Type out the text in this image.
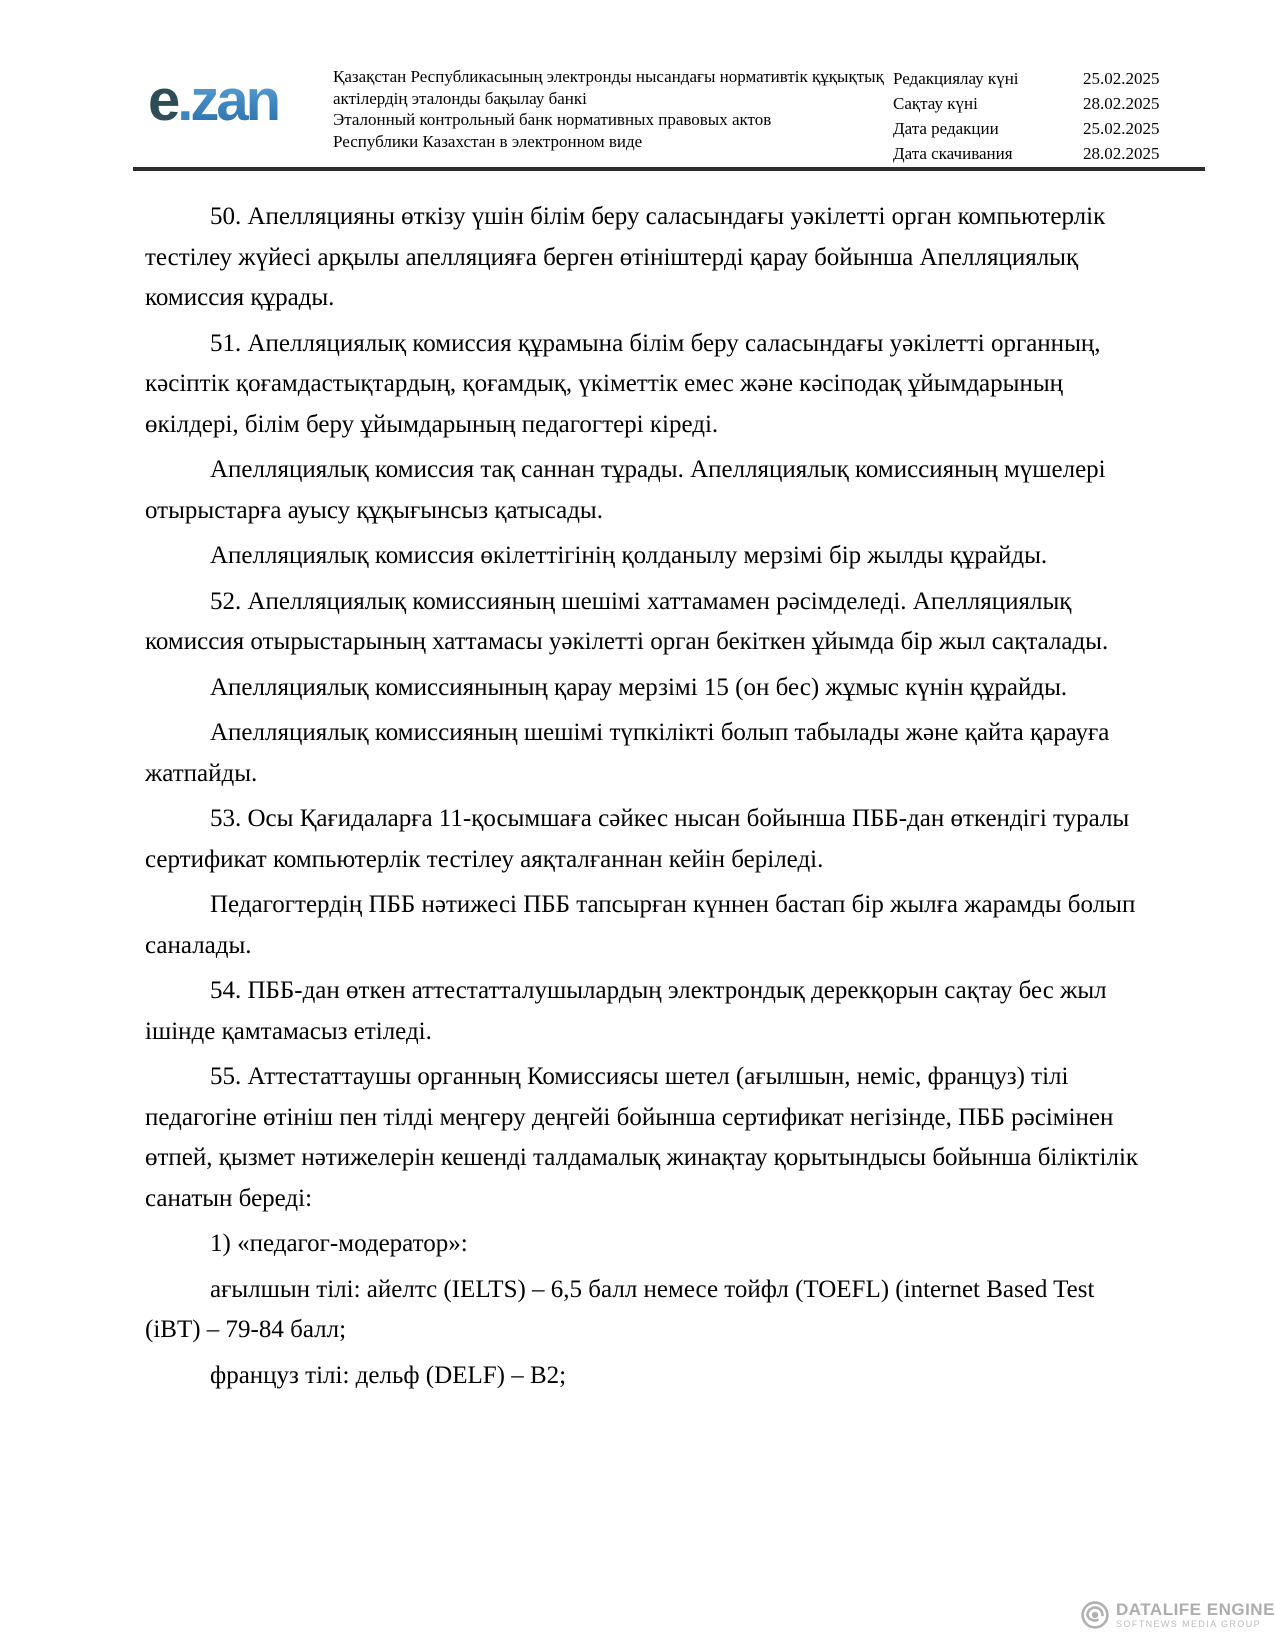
e.zan	Қазақстан Республикасының электронды нысандағы нормативтік құқықтық
актілердің эталонды бақылау банкі
Эталонный контрольный банк нормативных правовых актов
Республики Казахстан в электронном виде
Редакциялау күні	25.02.2025
Сақтау күні	28.02.2025
Дата редакции	25.02.2025
Дата скачивания	28.02.2025

50. Апелляцияны өткізу үшін білім беру саласындағы уәкілетті орган компьютерлік тестілеу жүйесі арқылы апелляцияға берген өтініштерді қарау бойынша Апелляциялық комиссия құрады.

51. Апелляциялық комиссия құрамына білім беру саласындағы уәкілетті органның, кәсіптік қоғамдастықтардың, қоғамдық, үкіметтік емес және кәсіподақ ұйымдарының өкілдері, білім беру ұйымдарының педагогтері кіреді.

Апелляциялық комиссия тақ саннан тұрады. Апелляциялық комиссияның мүшелері отырыстарға ауысу құқығынсыз қатысады.

Апелляциялық комиссия өкілеттігінің қолданылу мерзімі бір жылды құрайды.

52. Апелляциялық комиссияның шешімі хаттамамен рәсімделеді. Апелляциялық комиссия отырыстарының хаттамасы уәкілетті орган бекіткен ұйымда бір жыл сақталады.

Апелляциялық комиссиянының қарау мерзімі 15 (он бес) жұмыс күнін құрайды.

Апелляциялық комиссияның шешімі түпкілікті болып табылады және қайта қарауға жатпайды.

53. Осы Қағидаларға 11-қосымшаға сәйкес нысан бойынша ПББ-дан өткендігі туралы сертификат компьютерлік тестілеу аяқталғаннан кейін беріледі.

Педагогтердің ПББ нәтижесі ПББ тапсырған күннен бастап бір жылға жарамды болып саналады.

54. ПББ-дан өткен аттестатталушылардың электрондық дерекқорын сақтау бес жыл ішінде қамтамасыз етіледі.

55. Аттестаттаушы органның Комиссиясы шетел (ағылшын, неміс, француз) тілі педагогіне өтініш пен тілді меңгеру деңгейі бойынша сертификат негізінде, ПББ рәсімінен өтпей, қызмет нәтижелерін кешенді талдамалық жинақтау қорытындысы бойынша біліктілік санатын береді:

1) «педагог-модератор»:

ағылшын тілі: айелтс (IELTS) – 6,5 балл немесе тойфл (TOEFL) (internet Based Test (iBT) – 79-84 балл;

француз тілі: дельф (DELF) – B2;

DATALIFE ENGINE
SOFTNEWS MEDIA GROUP
